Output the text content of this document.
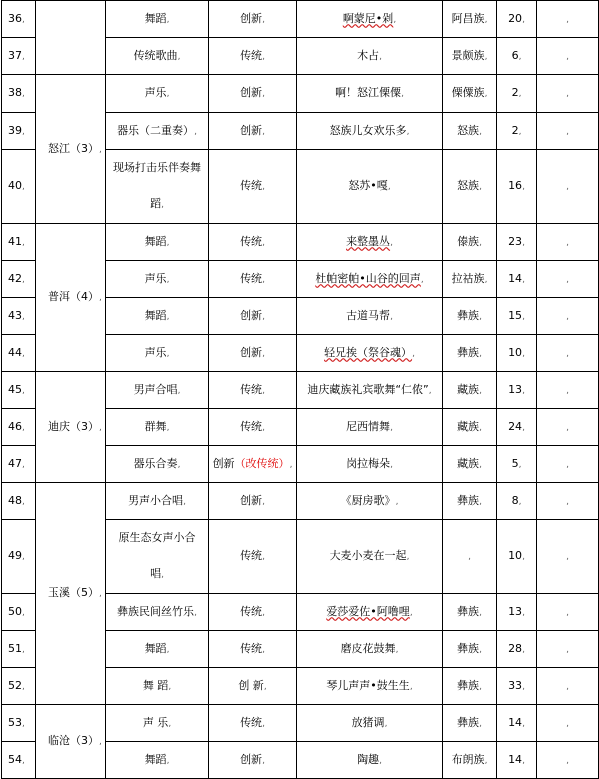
36,		舞蹈,	创新,	啊蒙尼•剁,	阿昌族,	20,	,
37,		传统歌曲,	传统,	木占,	景颇族,	6,	,
38,	怒江（3）,	声乐,	创新,	啊！怒江傈僳,	傈僳族,	2,	,
39,		器乐（二重奏）,	创新,	怒族儿女欢乐多,	怒族,	2,	,
40,		现场打击乐伴奏舞蹈,	传统,	怒苏•嘎,	怒族,	16,	,
41,	普洱（4）,	舞蹈,	传统,	来整墨丛,	傣族,	23,	,
42,		声乐,	传统,	杜帕密帕•山谷的回声,	拉祜族,	14,	,
43,		舞蹈,	创新,	古道马帮,	彝族,	15,	,
44,		声乐,	创新,	轻兄挨（祭谷魂）,	彝族,	10,	,
45,	迪庆（3）,	男声合唱,	传统,	迪庆藏族礼宾歌舞“仁侬”,	藏族,	13,	,
46,		群舞,	传统,	尼西情舞,	藏族,	24,	,
47,		器乐合奏,	创新（改传统）,	岗拉梅朵,	藏族,	5,	,
48,	玉溪（5）,	男声小合唱,	创新,	《厨房歌》,	彝族,	8,	,
49,		原生态女声小合唱,	传统,	大麦小麦在一起,	,	10,	,
50,		彝族民间丝竹乐,	传统,	爱莎爱佐•阿噜哩,	彝族,	13,	,
51,		舞蹈,	传统,	磨皮花鼓舞,	彝族,	28,	,
52,		舞 蹈,	创 新,	琴儿声声•鼓生生,	彝族,	33,	,
53,	临沧（3）,	声 乐,	传统,	放猪调,	彝族,	14,	,
54,		舞蹈,	创新,	陶趣,	布朗族,	14,	,
